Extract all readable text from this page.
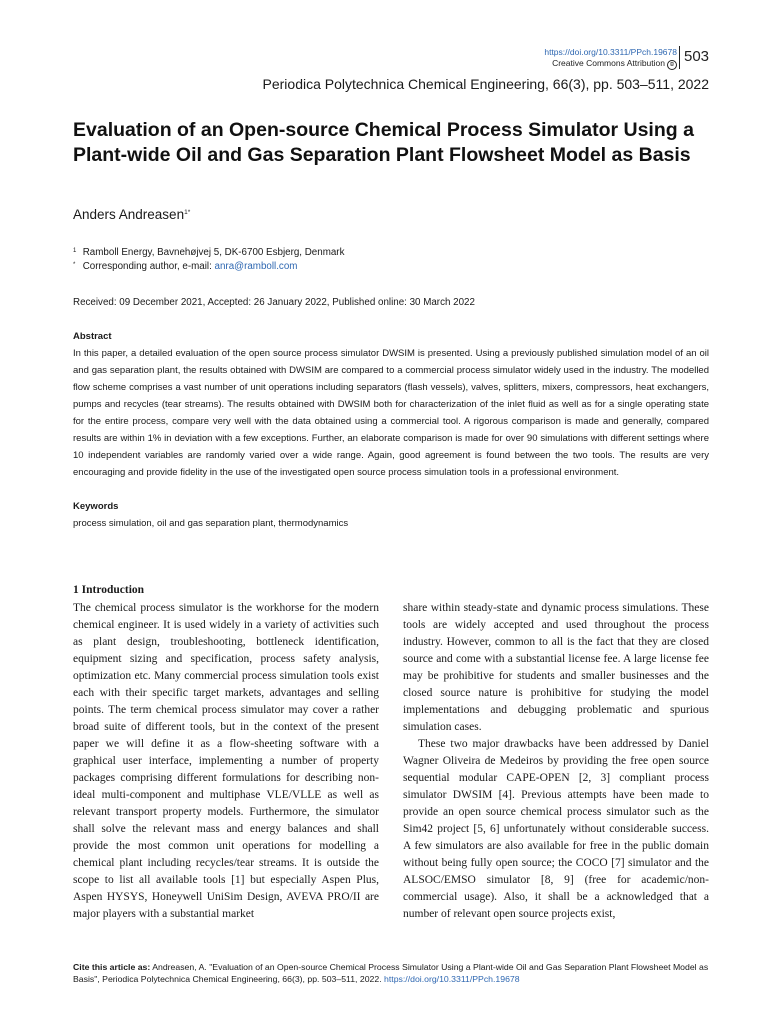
https://doi.org/10.3311/PPch.19678
Creative Commons Attribution 🅯 503
Periodica Polytechnica Chemical Engineering, 66(3), pp. 503–511, 2022
Evaluation of an Open-source Chemical Process Simulator Using a Plant-wide Oil and Gas Separation Plant Flowsheet Model as Basis
Anders Andreasen$^{1*}$
1 Ramboll Energy, Bavnehøjvej 5, DK-6700 Esbjerg, Denmark
* Corresponding author, e-mail: anra@ramboll.com
Received: 09 December 2021, Accepted: 26 January 2022, Published online: 30 March 2022
Abstract

In this paper, a detailed evaluation of the open source process simulator DWSIM is presented. Using a previously published simulation model of an oil and gas separation plant, the results obtained with DWSIM are compared to a commercial process simulator widely used in the industry. The modelled flow scheme comprises a vast number of unit operations including separators (flash vessels), valves, splitters, mixers, compressors, heat exchangers, pumps and recycles (tear streams). The results obtained with DWSIM both for characterization of the inlet fluid as well as for a single operating state for the entire process, compare very well with the data obtained using a commercial tool. A rigorous comparison is made and generally, compared results are within 1% in deviation with a few exceptions. Further, an elaborate comparison is made for over 90 simulations with different settings where 10 independent variables are randomly varied over a wide range. Again, good agreement is found between the two tools. The results are very encouraging and provide fidelity in the use of the investigated open source process simulation tools in a professional environment.

Keywords
process simulation, oil and gas separation plant, thermodynamics
1 Introduction

The chemical process simulator is the workhorse for the modern chemical engineer. It is used widely in a variety of activities such as plant design, troubleshooting, bottleneck identification, equipment sizing and specification, process safety analysis, optimization etc. Many commercial process simulation tools exist each with their specific target markets, advantages and selling points. The term chemical process simulator may cover a rather broad suite of different tools, but in the context of the present paper we will define it as a flow-sheeting software with a graphical user interface, implementing a number of property packages comprising different formulations for describing non-ideal multi-component and multiphase VLE/VLLE as well as relevant transport property models. Furthermore, the simulator shall solve the relevant mass and energy balances and shall provide the most common unit operations for modelling a chemical plant including recycles/tear streams. It is outside the scope to list all available tools [1] but especially Aspen Plus, Aspen HYSYS, Honeywell UniSim Design, AVEVA PRO/II are major players with a substantial market

share within steady-state and dynamic process simulations. These tools are widely accepted and used throughout the process industry. However, common to all is the fact that they are closed source and come with a substantial license fee. A large license fee may be prohibitive for students and smaller businesses and the closed source nature is prohibitive for studying the model implementations and debugging problematic and spurious simulation cases.

These two major drawbacks have been addressed by Daniel Wagner Oliveira de Medeiros by providing the free open source sequential modular CAPE-OPEN [2, 3] compliant process simulator DWSIM [4]. Previous attempts have been made to provide an open source chemical process simulator such as the Sim42 project [5, 6] unfortunately without considerable success. A few simulators are also available for free in the public domain without being fully open source; the COCO [7] simulator and the ALSOC/EMSO simulator [8, 9] (free for academic/non-commercial usage). Also, it shall be a acknowledged that a number of relevant open source projects exist,

Cite this article as: Andreasen, A. "Evaluation of an Open-source Chemical Process Simulator Using a Plant-wide Oil and Gas Separation Plant Flowsheet Model as Basis", Periodica Polytechnica Chemical Engineering, 66(3), pp. 503–511, 2022. https://doi.org/10.3311/PPch.19678
